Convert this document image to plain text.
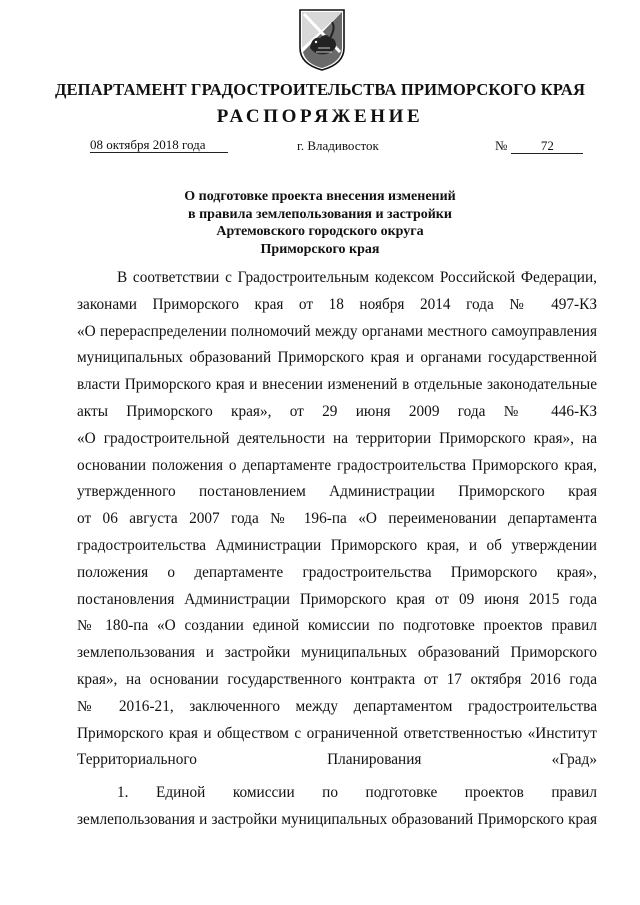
ДЕПАРТАМЕНТ ГРАДОСТРОИТЕЛЬСТВА ПРИМОРСКОГО КРАЯ
РАСПОРЯЖЕНИЕ
08 октября 2018 года	г. Владивосток	№	72
О подготовке проекта внесения изменений
в правила землепользования и застройки
Артемовского городского округа
Приморского края
В соответствии с Градостроительным кодексом Российской Федерации,
законами Приморского края от 18 ноября 2014 года № 497-КЗ
«О перераспределении полномочий между органами местного самоуправления
муниципальных образований Приморского края и органами государственной
власти Приморского края и внесении изменений в отдельные законодательные
акты Приморского края», от 29 июня 2009 года № 446-КЗ
«О градостроительной деятельности на территории Приморского края», на
основании положения о департаменте градостроительства Приморского края,
утвержденного постановлением Администрации Приморского края
от 06 августа 2007 года № 196-па «О переименовании департамента
градостроительства Администрации Приморского края, и об утверждении
положения о департаменте градостроительства Приморского края»,
постановления Администрации Приморского края от 09 июня 2015 года
№ 180-па «О создании единой комиссии по подготовке проектов правил
землепользования и застройки муниципальных образований Приморского
края», на основании государственного контракта от 17 октября 2016 года
№ 2016-21, заключенного между департаментом градостроительства
Приморского края и обществом с ограниченной ответственностью «Институт
Территориального Планирования «Град»
1. Единой комиссии по подготовке проектов правил
землепользования и застройки муниципальных образований Приморского края
